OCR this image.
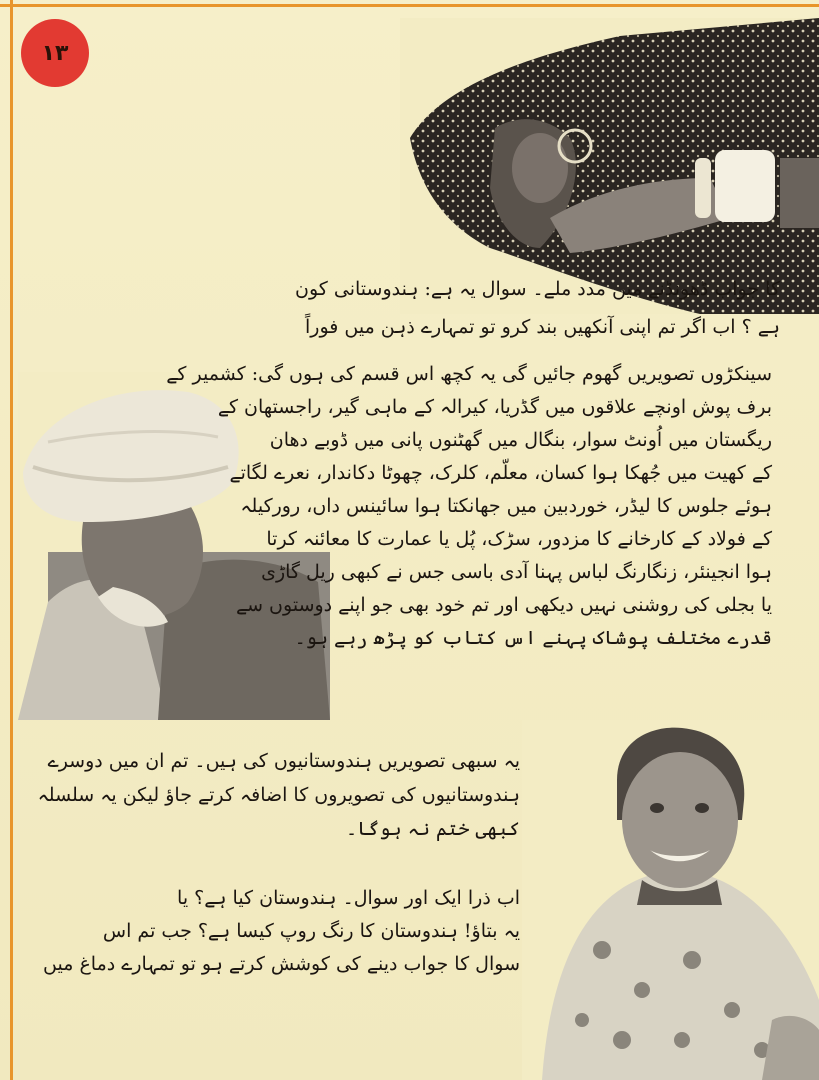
۱۳
کا جواب ڈھونڈنے میں مدد ملے۔ سوال یہ ہے: ہندوستانی کون
ہے ؟ اب اگر تم اپنی آنکھیں بند کرو تو تمہارے ذہن میں فوراً
سینکڑوں تصویریں گھوم جائیں گی یہ کچھ اس قسم کی ہوں گی: کشمیر کے
برف پوش اونچے علاقوں میں گڈریا، کیرالہ کے ماہی گیر، راجستھان کے
ریگستان میں اُونٹ سوار، بنگال میں گھٹنوں پانی میں ڈوبے دھان
کے کھیت میں جُھکا ہوا کسان، معلّم، کلرک، چھوٹا دکاندار، نعرے لگاتے
ہوئے جلوس کا لیڈر، خوردبین میں جھانکتا ہوا سائینس داں، رورکیلہ
کے فولاد کے کارخانے کا مزدور، سڑک، پُل یا عمارت کا معائنہ کرتا
ہوا انجینئر، زنگارنگ لباس پہنا آدی باسی جس نے کبھی ریل گاڑی
یا بجلی کی روشنی نہیں دیکھی اور تم خود بھی جو اپنے دوستوں سے
قدرے مختلف پوشاک پہنے اس کتاب کو پڑھ رہے ہو۔
یہ سبھی تصویریں ہندوستانیوں کی ہیں۔ تم ان میں دوسرے
ہندوستانیوں کی تصویروں کا اضافہ کرتے جاؤ لیکن یہ سلسلہ
کبھی ختم نہ ہوگا۔
اب ذرا ایک اور سوال۔ ہندوستان کیا ہے؟ یا
یہ بتاؤ! ہندوستان کا رنگ روپ کیسا ہے؟ جب تم اس
سوال کا جواب دینے کی کوشش کرتے ہو تو تمہارے دماغ میں
